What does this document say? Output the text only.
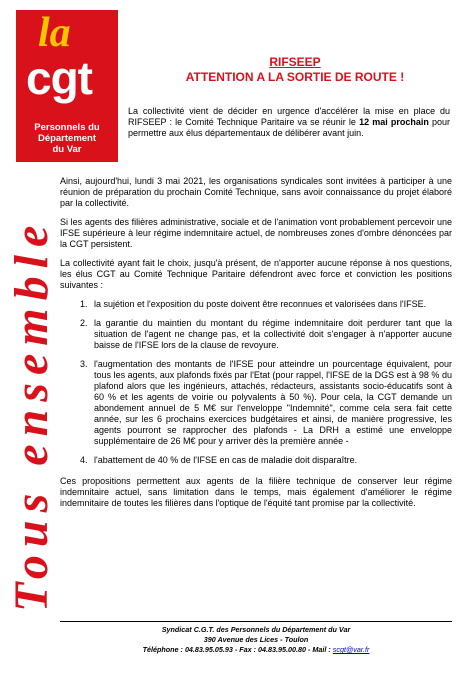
la
cgt
Personnels du
Département
du Var
Tous ensemble
RIFSEEP
ATTENTION A LA SORTIE DE ROUTE !
La collectivité vient de décider en urgence d'accélérer la mise en place du RIFSEEP : le Comité Technique Paritaire va se réunir le 12 mai prochain pour permettre aux élus départementaux de délibérer avant juin.

Ainsi, aujourd'hui, lundi 3 mai 2021, les organisations syndicales sont invitées à participer à une réunion de préparation du prochain Comité Technique, sans avoir connaissance du projet élaboré par la collectivité.

Si les agents des filières administrative, sociale et de l'animation vont probablement percevoir une IFSE supérieure à leur régime indemnitaire actuel, de nombreuses zones d'ombre dénoncées par la CGT persistent.

La collectivité ayant fait le choix, jusqu'à présent, de n'apporter aucune réponse à nos questions, les élus CGT au Comité Technique Paritaire défendront avec force et conviction les positions suivantes :

1. la sujétion et l'exposition du poste doivent être reconnues et valorisées dans l'IFSE.
2. la garantie du maintien du montant du régime indemnitaire doit perdurer tant que la situation de l'agent ne change pas, et la collectivité doit s'engager à n'apporter aucune baisse de l'IFSE lors de la clause de revoyure.
3. l'augmentation des montants de l'IFSE pour atteindre un pourcentage équivalent, pour tous les agents, aux plafonds fixés par l'Etat (pour rappel, l'IFSE de la DGS est à 98 % du plafond alors que les ingénieurs, attachés, rédacteurs, assistants socio-éducatifs sont à 60 % et les agents de voirie ou polyvalents à 50 %). Pour cela, la CGT demande un abondement annuel de 5 M€ sur l'enveloppe "Indemnité", comme cela sera fait cette année, sur les 6 prochains exercices budgétaires et ainsi, de manière progressive, les agents pourront se rapprocher des plafonds - La DRH a estimé une enveloppe supplémentaire de 26 M€ pour y arriver dès la première année -
4. l'abattement de 40 % de l'IFSE en cas de maladie doit disparaître.

Ces propositions permettent aux agents de la filière technique de conserver leur régime indemnitaire actuel, sans limitation dans le temps, mais également d'améliorer le régime indemnitaire de toutes les filières dans l'optique de l'équité tant promise par la collectivité.

Syndicat C.G.T. des Personnels du Département du Var
390 Avenue des Lices - Toulon
Téléphone : 04.83.95.05.93 - Fax : 04.83.95.00.80 - Mail : scgt@var.fr
